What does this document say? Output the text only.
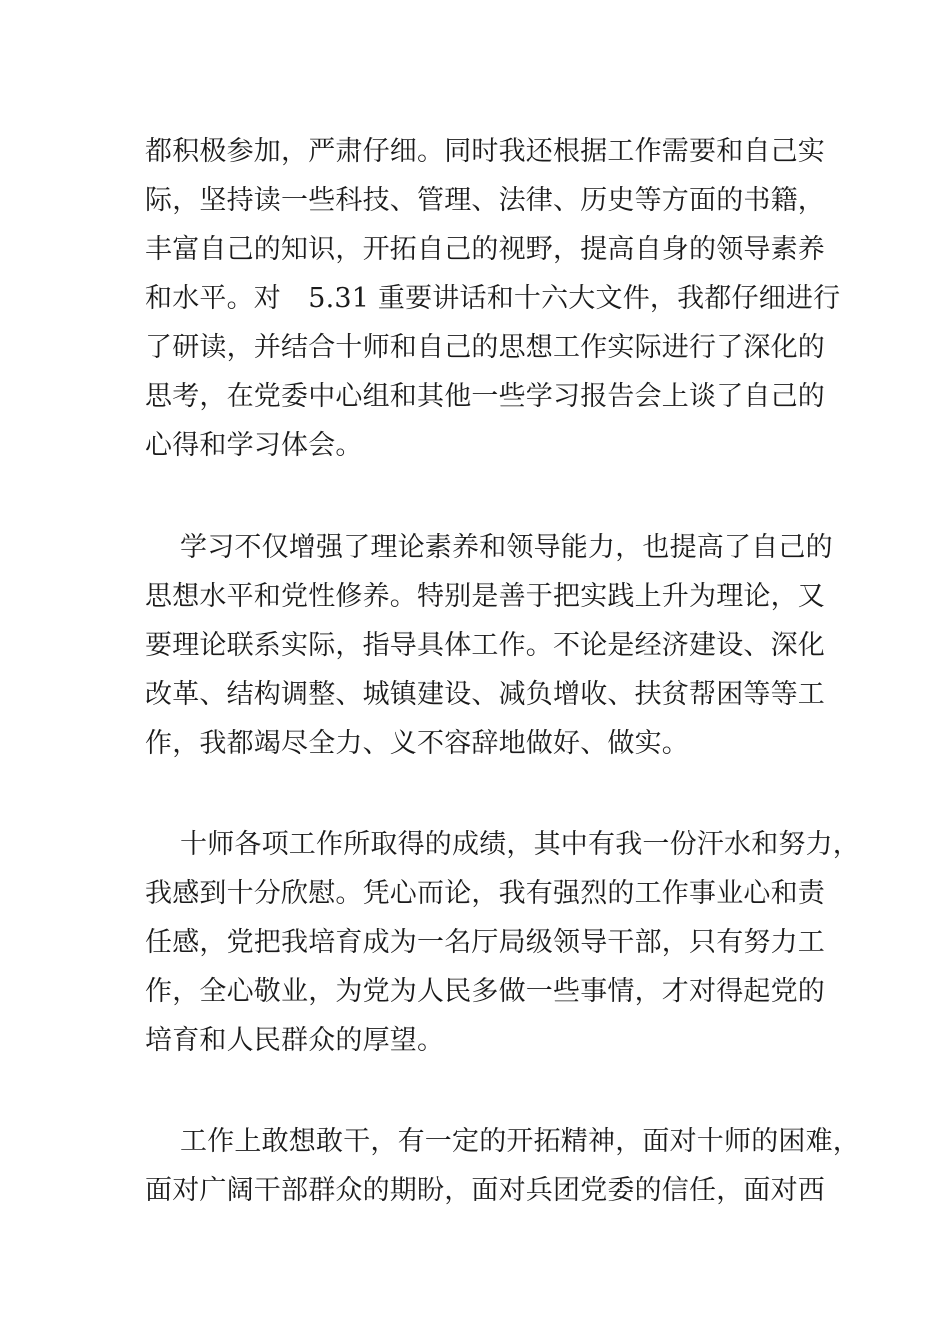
都积极参加，严肃仔细。同时我还根据工作需要和自己实
际，坚持读一些科技、管理、法律、历史等方面的书籍，
丰富自己的知识，开拓自己的视野，提高自身的领导素养
和水平。对　5.31 重要讲话和十六大文件，我都仔细进行
了研读，并结合十师和自己的思想工作实际进行了深化的
思考，在党委中心组和其他一些学习报告会上谈了自己的
心得和学习体会。
学习不仅增强了理论素养和领导能力，也提高了自己的
思想水平和党性修养。特别是善于把实践上升为理论，又
要理论联系实际，指导具体工作。不论是经济建设、深化
改革、结构调整、城镇建设、减负增收、扶贫帮困等等工
作，我都竭尽全力、义不容辞地做好、做实。
十师各项工作所取得的成绩，其中有我一份汗水和努力，
我感到十分欣慰。凭心而论，我有强烈的工作事业心和责
任感，党把我培育成为一名厅局级领导干部，只有努力工
作，全心敬业，为党为人民多做一些事情，才对得起党的
培育和人民群众的厚望。
工作上敢想敢干，有一定的开拓精神，面对十师的困难，
面对广阔干部群众的期盼，面对兵团党委的信任，面对西
